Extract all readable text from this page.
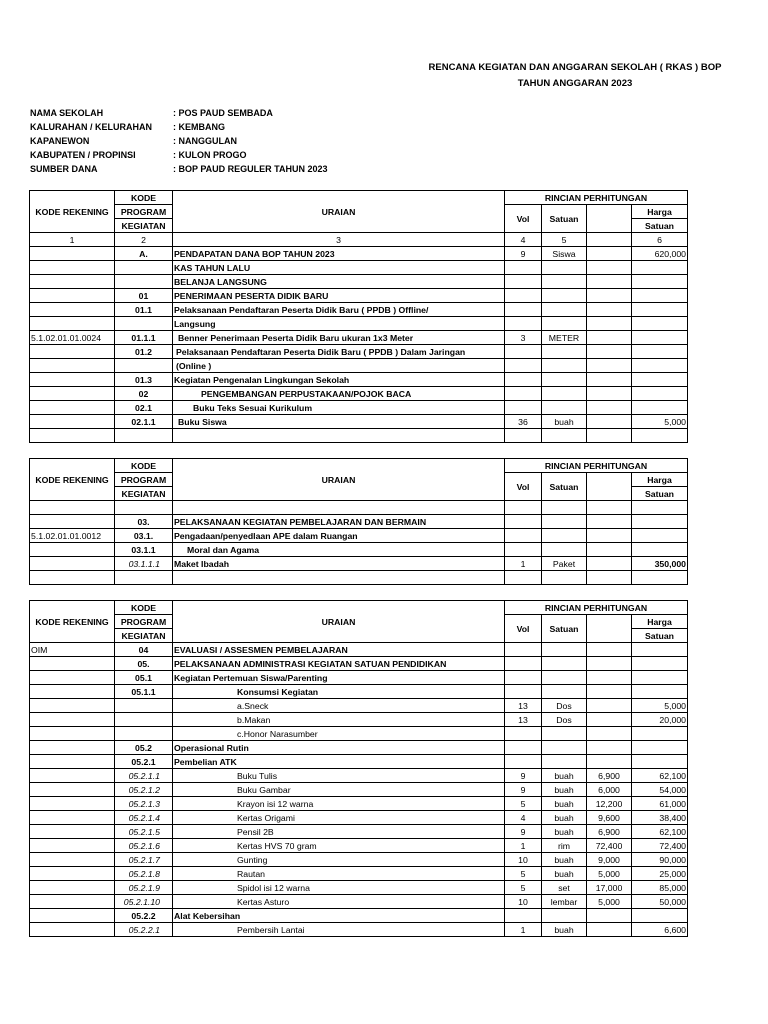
RENCANA KEGIATAN DAN ANGGARAN SEKOLAH ( RKAS ) BOP
TAHUN ANGGARAN 2023
NAMA SEKOLAH	: POS PAUD SEMBADA
KALURAHAN / KELURAHAN	: KEMBANG
KAPANEWON	: NANGGULAN
KABUPATEN / PROPINSI	: KULON PROGO
SUMBER DANA	: BOP PAUD REGULER TAHUN 2023
KODE REKENING	KODE	URAIAN	RINCIAN PERHITUNGAN			
	PROGRAM		Vol	Satuan		Harga
	KEGIATAN					Satuan
1	2	3	4	5		6
	A.	PENDAPATAN DANA BOP TAHUN 2023	9	Siswa		620,000
		KAS TAHUN LALU				
		BELANJA LANGSUNG				
	01	PENERIMAAN PESERTA DIDIK BARU				
	01.1	Pelaksanaan Pendaftaran Peserta Didik Baru ( PPDB ) Offline/				
		Langsung				
5.1.02.01.01.0024	01.1.1	Benner Penerimaan Peserta Didik Baru ukuran 1x3 Meter	3	METER		
	01.2	Pelaksanaan Pendaftaran Peserta Didik Baru ( PPDB ) Dalam Jaringan				
		(Online )				
	01.3	Kegiatan Pengenalan Lingkungan Sekolah				
	02	PENGEMBANGAN PERPUSTAKAAN/POJOK BACA				
	02.1	Buku Teks Sesuai Kurikulum				
	02.1.1	Buku Siswa	36	buah		5,000

KODE REKENING	KODE	URAIAN	RINCIAN PERHITUNGAN			
	PROGRAM		Vol	Satuan		Harga
	KEGIATAN					Satuan

	03.	PELAKSANAAN KEGIATAN PEMBELAJARAN DAN BERMAIN				
5.1.02.01.01.0012	03.1.	Pengadaan/penyedlaan APE dalam Ruangan				
	03.1.1	Moral dan Agama				
	03.1.1.1	Maket Ibadah	1	Paket		350,000

KODE REKENING	KODE	URAIAN	RINCIAN PERHITUNGAN			
	PROGRAM		Vol	Satuan		Harga
	KEGIATAN					Satuan
OIM	04	EVALUASI / ASSESMEN PEMBELAJARAN				
	05.	PELAKSANAAN ADMINISTRASI KEGIATAN SATUAN PENDIDIKAN				
	05.1	Kegiatan Pertemuan Siswa/Parenting				
	05.1.1	Konsumsi Kegiatan				
		a.Sneck	13	Dos		5,000
		b.Makan	13	Dos		20,000
		c.Honor Narasumber				
	05.2	Operasional Rutin				
	05.2.1	Pembelian ATK				
	05.2.1.1	Buku Tulis	9	buah	6,900	62,100
	05.2.1.2	Buku Gambar	9	buah	6,000	54,000
	05.2.1.3	Krayon isi 12 warna	5	buah	12,200	61,000
	05.2.1.4	Kertas Origami	4	buah	9,600	38,400
	05.2.1.5	Pensil 2B	9	buah	6,900	62,100
	05.2.1.6	Kertas HVS 70 gram	1	rim	72,400	72,400
	05.2.1.7	Gunting	10	buah	9,000	90,000
	05.2.1.8	Rautan	5	buah	5,000	25,000
	05.2.1.9	Spidol isi 12 warna	5	set	17,000	85,000
	05.2.1.10	Kertas Asturo	10	lembar	5,000	50,000
	05.2.2	Alat Kebersihan				
	05.2.2.1	Pembersih Lantai	1	buah		6,600
